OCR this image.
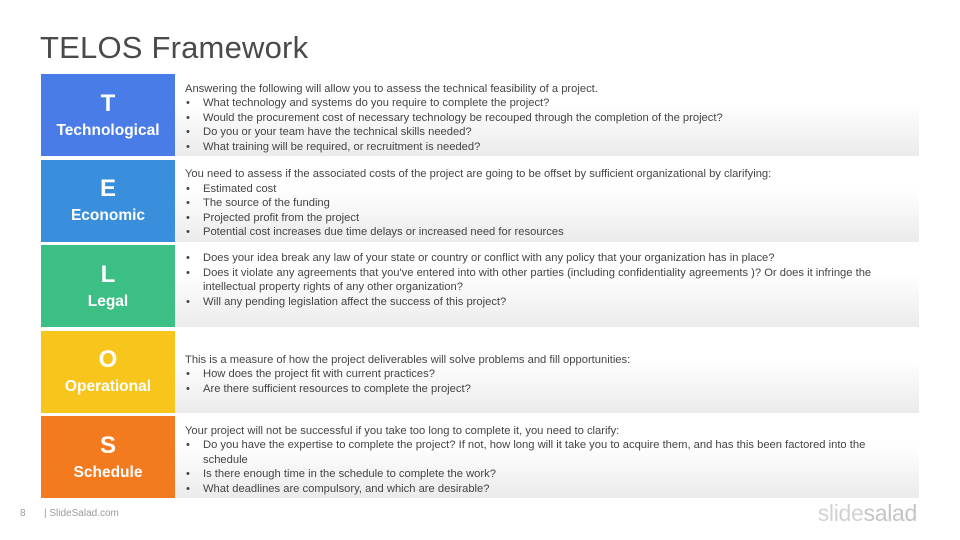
TELOS Framework
T
Technological

Answering the following will allow you to assess the technical feasibility of a project.

• What technology and systems do you require to complete the project?
• Would the procurement cost of necessary technology be recouped through the completion of the project?
• Do you or your team have the technical skills needed?
• What training will be required, or recruitment is needed?
E
Economic

You need to assess if the associated costs of the project are going to be offset by sufficient organizational by clarifying:

• Estimated cost
• The source of the funding
• Projected profit from the project
• Potential cost increases due time delays or increased need for resources
L
Legal
• Does your idea break any law of your state or country or conflict with any policy that your organization has in place?
• Does it violate any agreements that you've entered into with other parties (including confidentiality agreements )? Or does it infringe the intellectual property rights of any other organization?
• Will any pending legislation affect the success of this project?
O
Operational

This is a measure of how the project deliverables will solve problems and fill opportunities:

• How does the project fit with current practices?
• Are there sufficient resources to complete the project?
S
Schedule

Your project will not be successful if you take too long to complete it, you need to clarify:

• Do you have the expertise to complete the project? If not, how long will it take you to acquire them, and has this been factored into the schedule
• Is there enough time in the schedule to complete the work?
• What deadlines are compulsory, and which are desirable?
8 | SlideSalad.com	slidesalad
